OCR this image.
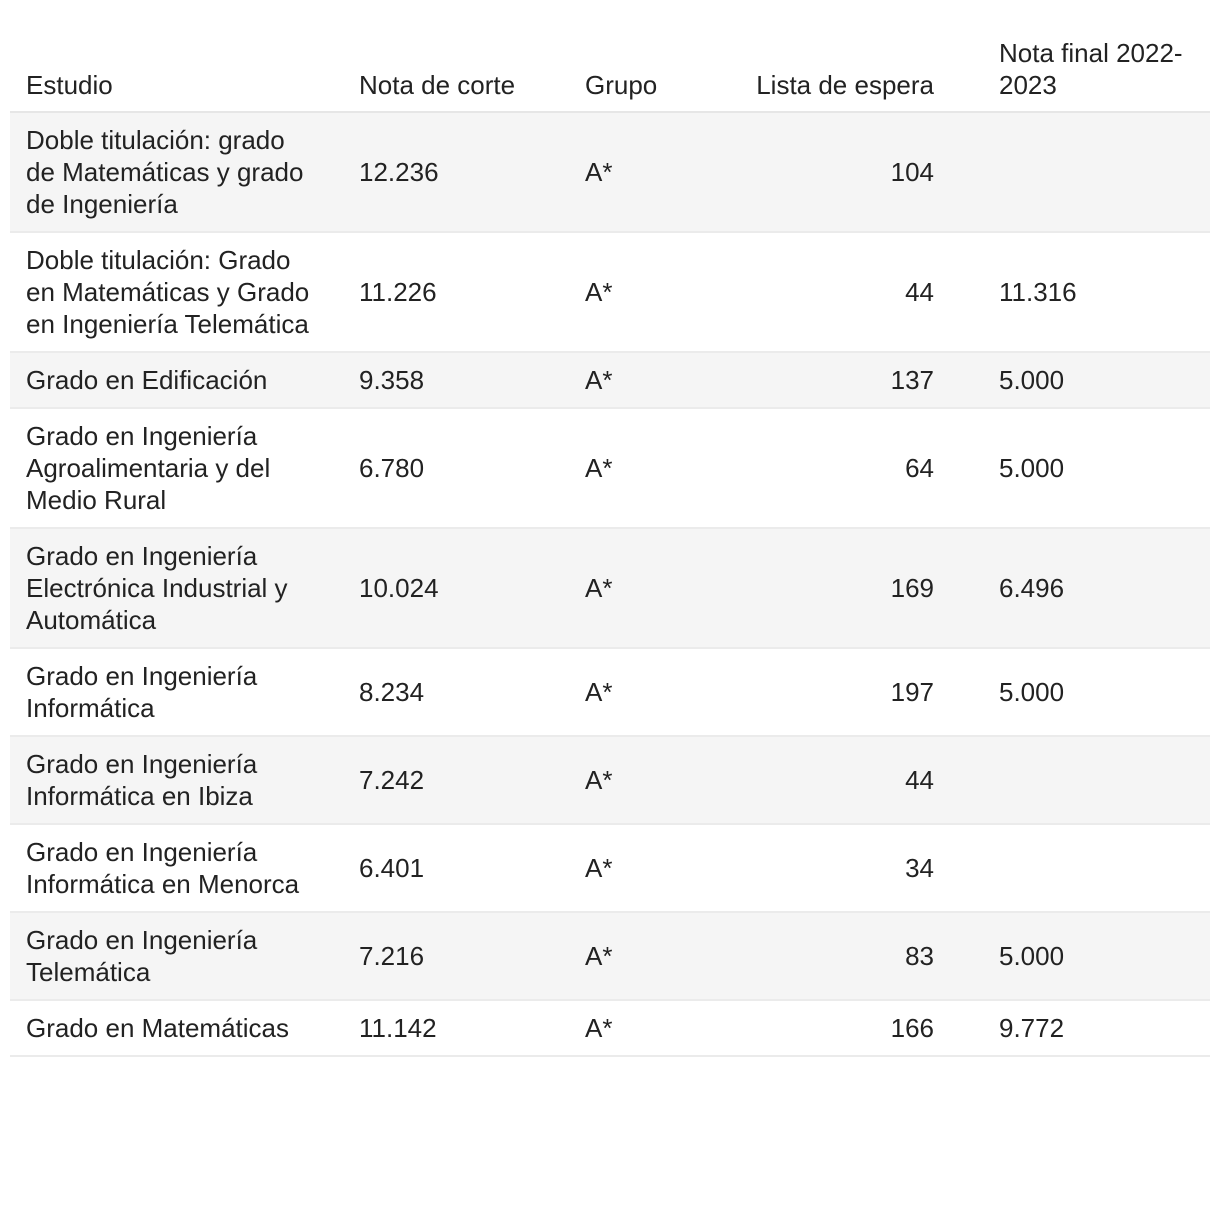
Estudio	Nota de corte	Grupo	Lista de espera	Nota final 2022-2023
Doble titulación: grado de Matemáticas y grado de Ingeniería	12.236	A*	104	
Doble titulación: Grado en Matemáticas y Grado en Ingeniería Telemática	11.226	A*	44	11.316
Grado en Edificación	9.358	A*	137	5.000
Grado en Ingeniería Agroalimentaria y del Medio Rural	6.780	A*	64	5.000
Grado en Ingeniería Electrónica Industrial y Automática	10.024	A*	169	6.496
Grado en Ingeniería Informática	8.234	A*	197	5.000
Grado en Ingeniería Informática en Ibiza	7.242	A*	44	
Grado en Ingeniería Informática en Menorca	6.401	A*	34	
Grado en Ingeniería Telemática	7.216	A*	83	5.000
Grado en Matemáticas	11.142	A*	166	9.772
